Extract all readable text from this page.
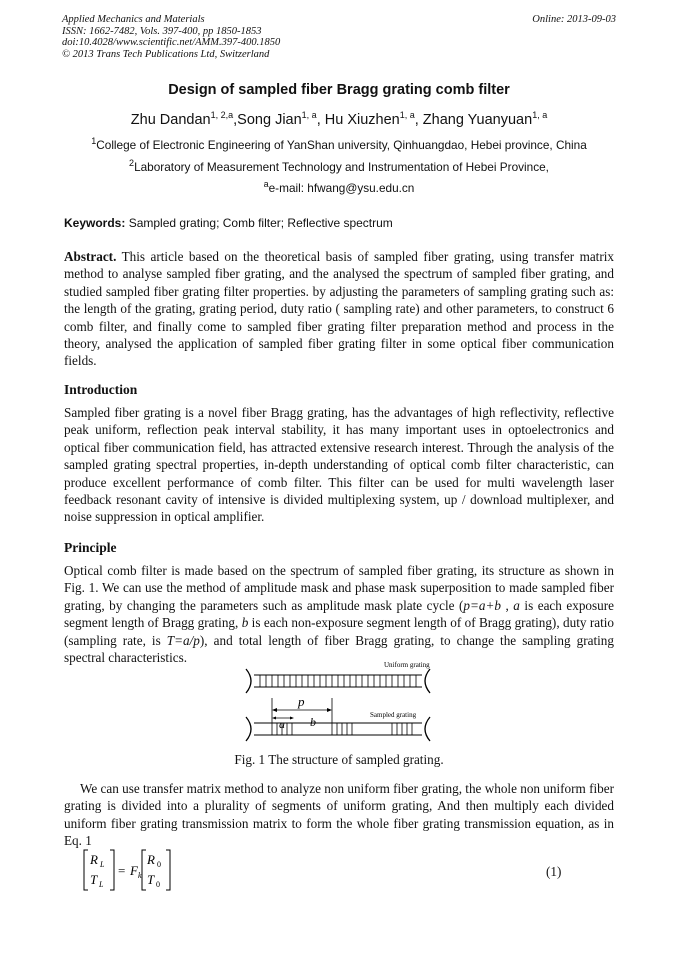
Applied Mechanics and Materials
ISSN: 1662-7482, Vols. 397-400, pp 1850-1853
doi:10.4028/www.scientific.net/AMM.397-400.1850
© 2013 Trans Tech Publications Ltd, Switzerland
Online: 2013-09-03
Design of sampled fiber Bragg grating comb filter
Zhu Dandan$^{1, 2,a}$,Song Jian$^{1, a}$, Hu Xiuzhen$^{1, a}$, Zhang Yuanyuan$^{1, a}$
$^1$College of Electronic Engineering of YanShan university, Qinhuangdao, Hebei province, China
$^2$Laboratory of Measurement Technology and Instrumentation of Hebei Province,
$^a$e-mail: hfwang@ysu.edu.cn
Keywords: Sampled grating; Comb filter; Reflective spectrum
Abstract. This article based on the theoretical basis of sampled fiber grating, using transfer matrix method to analyse sampled fiber grating, and the analysed the spectrum of sampled fiber grating, and studied sampled fiber grating filter properties. by adjusting the parameters of sampling grating such as: the length of the grating, grating period, duty ratio ( sampling rate) and other parameters, to construct 6 comb filter, and finally come to sampled fiber grating filter preparation method and process in the theory, analysed the application of sampled fiber grating filter in some optical fiber communication fields.
Introduction
Sampled fiber grating is a novel fiber Bragg grating, has the advantages of high reflectivity, reflective peak uniform, reflection peak interval stability, it has many important uses in optoelectronics and optical fiber communication field, has attracted extensive research interest. Through the analysis of the sampled grating spectral properties, in-depth understanding of optical comb filter characteristic, can produce excellent performance of comb filter. This filter can be used for multi wavelength laser feedback resonant cavity of intensive is divided multiplexing system, up / download multiplexer, and noise suppression in optical amplifier.
Principle
Optical comb filter is made based on the spectrum of sampled fiber grating, its structure as shown in Fig. 1. We can use the method of amplitude mask and phase mask superposition to made sampled fiber grating, by changing the parameters such as amplitude mask plate cycle (p=a+b , a is each exposure segment length of Bragg grating, b is each non-exposure segment length of of Bragg grating), duty ratio (sampling rate, is T=a/p), and total length of fiber Bragg grating, to change the sampling grating spectral characteristics.	Uniform grating
Sampled grating
p
a b
Fig. 1 The structure of sampled grating.
We can use transfer matrix method to analyze non uniform fiber grating, the whole non uniform fiber grating is divided into a plurality of segments of uniform grating, And then multiply each divided uniform fiber grating transmission matrix to form the whole fiber grating transmission equation, as in Eq. 1
R L
T L
= F k
R 0
T 0
(1)
